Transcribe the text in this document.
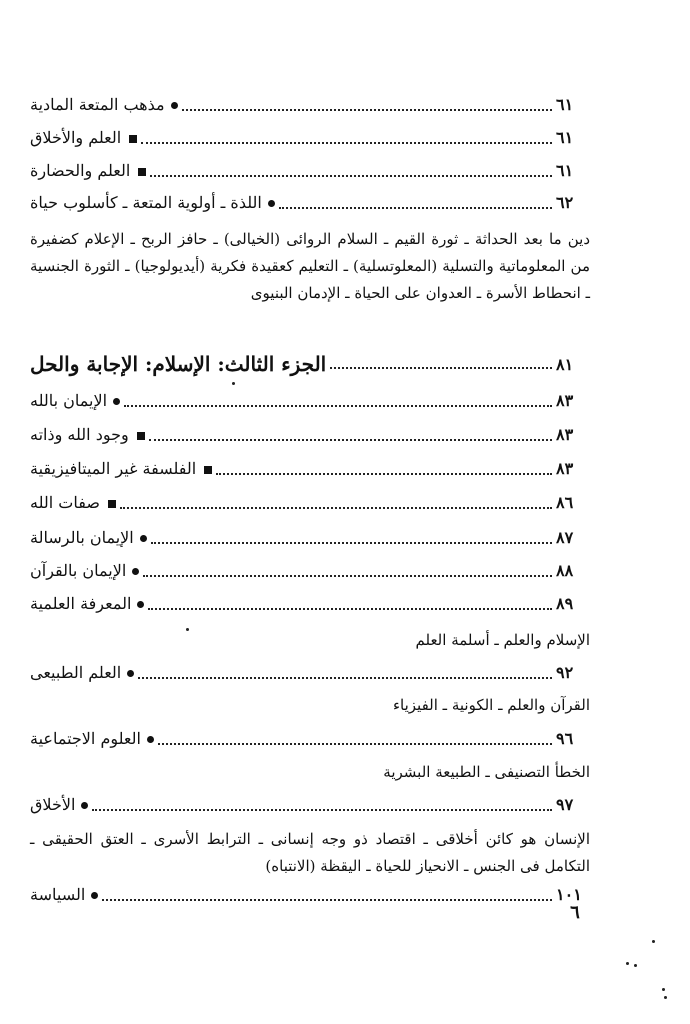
مذهب المتعة المادية	٦١
العلم والأخلاق	٦١
العلم والحضارة	٦١
اللذة ـ أولوية المتعة ـ كأسلوب حياة	٦٢
دين ما بعد الحداثة ـ ثورة القيم ـ السلام الروائى (الخيالى) ـ حافز الربح ـ الإعلام كضفيرة من المعلوماتية والتسلية (المعلوتسلية) ـ التعليم كعقيدة فكرية (أيديولوجيا) ـ الثورة الجنسية ـ انحطاط الأسرة ـ العدوان على الحياة ـ الإدمان البنيوى
الجزء الثالث: الإسلام: الإجابة والحل	٨١
الإيمان بالله	٨٣
وجود الله وذاته	٨٣
الفلسفة غير الميتافيزيقية	٨٣
صفات الله	٨٦
الإيمان بالرسالة	٨٧
الإيمان بالقرآن	٨٨
المعرفة العلمية	٨٩
الإسلام والعلم ـ أسلمة العلم
العلم الطبيعى	٩٢
القرآن والعلم ـ الكونية ـ الفيزياء
العلوم الاجتماعية	٩٦
الخطأ التصنيفى ـ الطبيعة البشرية
الأخلاق	٩٧
الإنسان هو كائن أخلاقى ـ اقتصاد ذو وجه إنسانى ـ الترابط الأسرى ـ العتق الحقيقى ـ التكامل فى الجنس ـ الانحياز للحياة ـ اليقظة (الانتباه)
السياسة	١٠١
٦
